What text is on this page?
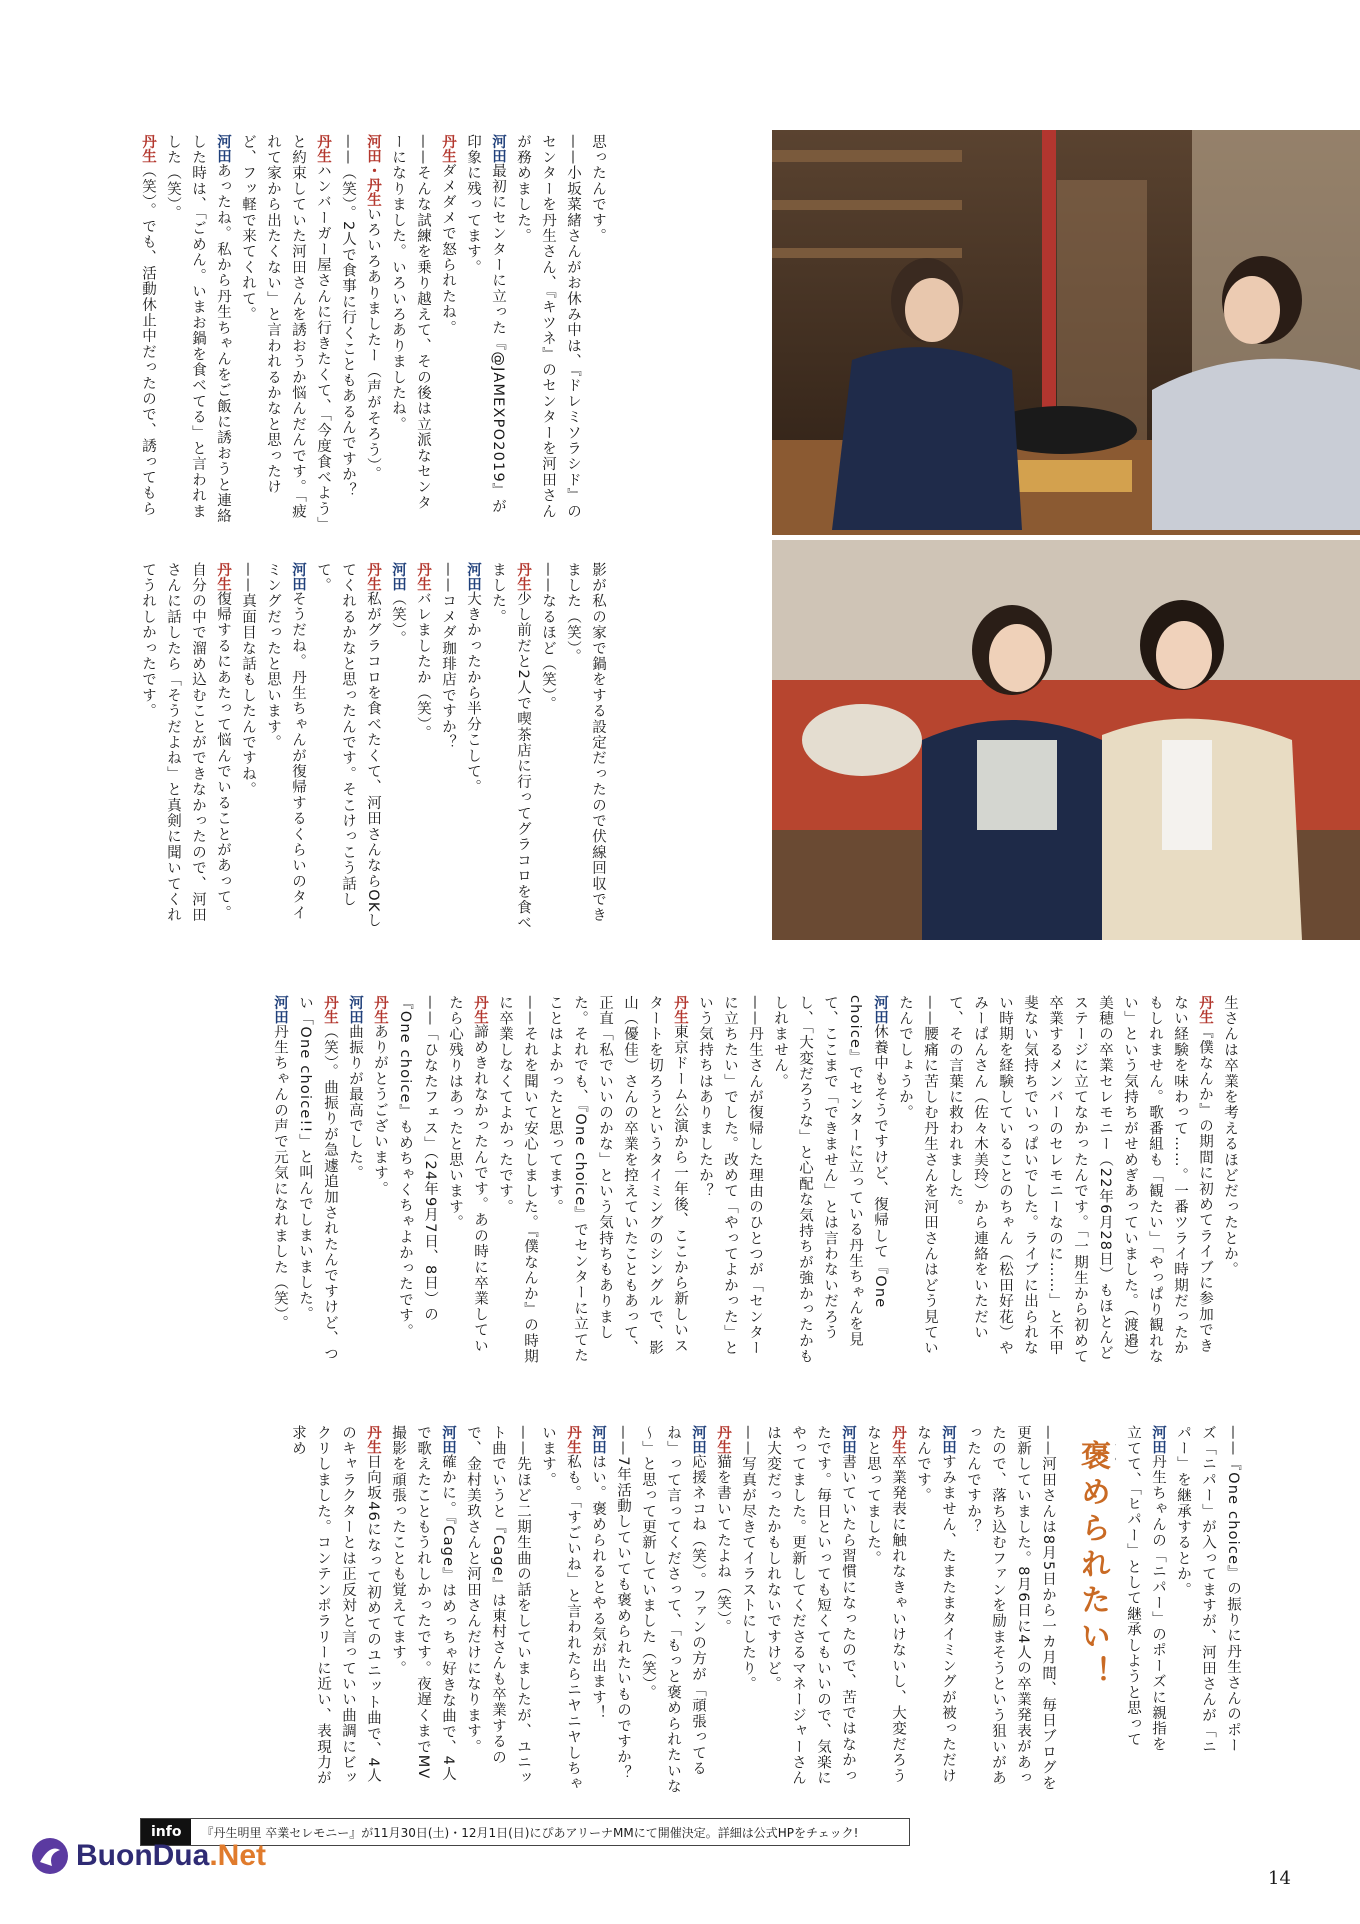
思ったんです。

——小坂菜緒さんがお休み中は、『ドレミソラシド』のセンターを丹生さん、『キツネ』のセンターを河田さんが務めました。

河田最初にセンターに立った『@JAMEXPO2019』が印象に残ってます。

丹生ダメダメで怒られたね。

——そんな試練を乗り越えて、その後は立派なセンターになりました。いろいろありましたね。

河田・丹生いろいろありましたー（声がそろう）。

——（笑）。2人で食事に行くこともあるんですか？

丹生ハンバーガー屋さんに行きたくて、「今度食べよう」と約束していた河田さんを誘おうか悩んだんです。「疲れて家から出たくない」と言われるかなと思ったけど、フッ軽で来てくれて。

河田あったね。私から丹生ちゃんをご飯に誘おうと連絡した時は、「ごめん。いまお鍋を食べてる」と言われました（笑）。

丹生（笑）。でも、活動休止中だったので、誘ってもら

影が私の家で鍋をする設定だったので伏線回収できました（笑）。

——なるほど（笑）。

丹生少し前だと2人で喫茶店に行ってグラコロを食べました。

河田大きかったから半分こして。

——コメダ珈琲店ですか？

丹生バレましたか（笑）。

河田（笑）。

丹生私がグラコロを食べたくて、河田さんならOKしてくれるかなと思ったんです。そこけっこう話して。

河田そうだね。丹生ちゃんが復帰するくらいのタイミングだったと思います。

——真面目な話もしたんですね。

丹生復帰するにあたって悩んでいることがあって。自分の中で溜め込むことができなかったので、河田さんに話したら「そうだよね」と真剣に聞いてくれてうれしかったです。

生さんは卒業を考えるほどだったとか。

丹生『僕なんか』の期間に初めてライブに参加できない経験を味わって……。一番ツライ時期だったかもしれません。歌番組も「観たい」「やっぱり観れない」という気持ちがせめぎあっていました。（渡邉）美穂の卒業セレモニー（22年6月28日）もほとんどステージに立てなかったんです。「一期生から初めて卒業するメンバーのセレモニーなのに……」と不甲斐ない気持ちでいっぱいでした。ライブに出られない時期を経験していることのちゃん（松田好花）やみーぱんさん（佐々木美玲）から連絡をいただいて、その言葉に救われました。

——腰痛に苦しむ丹生さんを河田さんはどう見ていたんでしょうか。

河田休養中もそうですけど、復帰して『One choice』でセンターに立っている丹生ちゃんを見て、ここまで「できません」とは言わないだろうし、「大変だろうな」と心配な気持ちが強かったかもしれません。

——丹生さんが復帰した理由のひとつが「センターに立ちたい」でした。改めて「やってよかった」という気持ちはありましたか？

丹生東京ドーム公演から一年後、ここから新しいスタートを切ろうというタイミングのシングルで、影山（優佳）さんの卒業を控えていたこともあって、正直「私でいいのかな」という気持ちもありました。それでも、『One choice』でセンターに立てたことはよかったと思ってます。

——それを聞いて安心しました。『僕なんか』の時期に卒業しなくてよかったです。

丹生諦めきれなかったんです。あの時に卒業していたら心残りはあったと思います。

——「ひなたフェス」（24年9月7日、8日）の『One choice』もめちゃくちゃよかったです。

丹生ありがとうございます。

河田曲振りが最高でした。

丹生（笑）。曲振りが急遽追加されたんですけど、つい「One choice!!」と叫んでしまいました。

河田丹生ちゃんの声で元気になれました（笑）。

——『One choice』の振りに丹生さんのポーズ「ニパー」が入ってますが、河田さんが「ニパー」を継承するとか。

河田丹生ちゃんの「ニパー」のポーズに親指を立てて、「ヒパー」として継承しようと思って

褒められたい！

——河田さんは8月5日から一カ月間、毎日ブログを更新していました。8月6日に4人の卒業発表があったので、落ち込むファンを励まそうという狙いがあったんですか？

河田すみません、たまたまタイミングが被っただけなんです。

丹生卒業発表に触れなきゃいけないし、大変だろうなと思ってました。

河田書いていたら習慣になったので、苦ではなかったです。毎日といっても短くてもいいので、気楽にやってました。更新してくださるマネージャーさんは大変だったかもしれないですけど。

——写真が尽きてイラストにしたり。

丹生猫を書いてたよね（笑）。

河田応援ネコね（笑）。ファンの方が「頑張ってるね」って言ってくださって、「もっと褒められたいな～」と思って更新していました（笑）。

——7年活動していても褒められたいものですか？

河田はい。褒められるとやる気が出ます！

丹生私も。「すごいね」と言われたらニヤニヤしちゃいます。

——先ほど二期生曲の話をしていましたが、ユニット曲でいうと『Cage』は東村さんも卒業するので、金村美玖さんと河田さんだけになります。

河田確かに。『Cage』はめっちゃ好きな曲で、4人で歌えたこともうれしかったです。夜遅くまでMV撮影を頑張ったことも覚えてます。

丹生日向坂46になって初めてのユニット曲で、4人のキャラクターとは正反対と言っていい曲調にビックリしました。コンテンポラリーに近い、表現力が求め

info	『丹生明里 卒業セレモニー』が11月30日(土)・12月1日(日)にぴあアリーナMMにて開催決定。詳細は公式HPをチェック!
BuonDua.Net
14
